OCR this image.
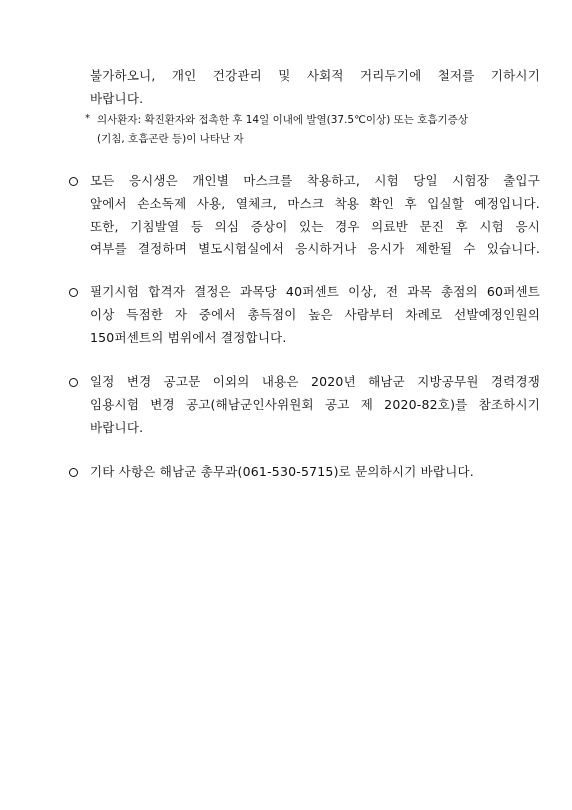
불가하오니, 개인 건강관리 및 사회적 거리두기에 철저를 기하시기
바랍니다.
* 의사환자: 확진환자와 접촉한 후 14일 이내에 발열(37.5℃이상) 또는 호흡기증상
(기침, 호흡곤란 등)이 나타난 자
모든 응시생은 개인별 마스크를 착용하고, 시험 당일 시험장 출입구
앞에서 손소독제 사용, 열체크, 마스크 착용 확인 후 입실할 예정입니다.
또한, 기침발열 등 의심 증상이 있는 경우 의료반 문진 후 시험 응시
여부를 결정하며 별도시험실에서 응시하거나 응시가 제한될 수 있습니다.
필기시험 합격자 결정은 과목당 40퍼센트 이상, 전 과목 총점의 60퍼센트
이상 득점한 자 중에서 총득점이 높은 사람부터 차례로 선발예정인원의
150퍼센트의 범위에서 결정합니다.
일정 변경 공고문 이외의 내용은 2020년 해남군 지방공무원 경력경쟁
임용시험 변경 공고(해남군인사위원회 공고 제 2020-82호)를 참조하시기
바랍니다.
기타 사항은 해남군 총무과(061-530-5715)로 문의하시기 바랍니다.
